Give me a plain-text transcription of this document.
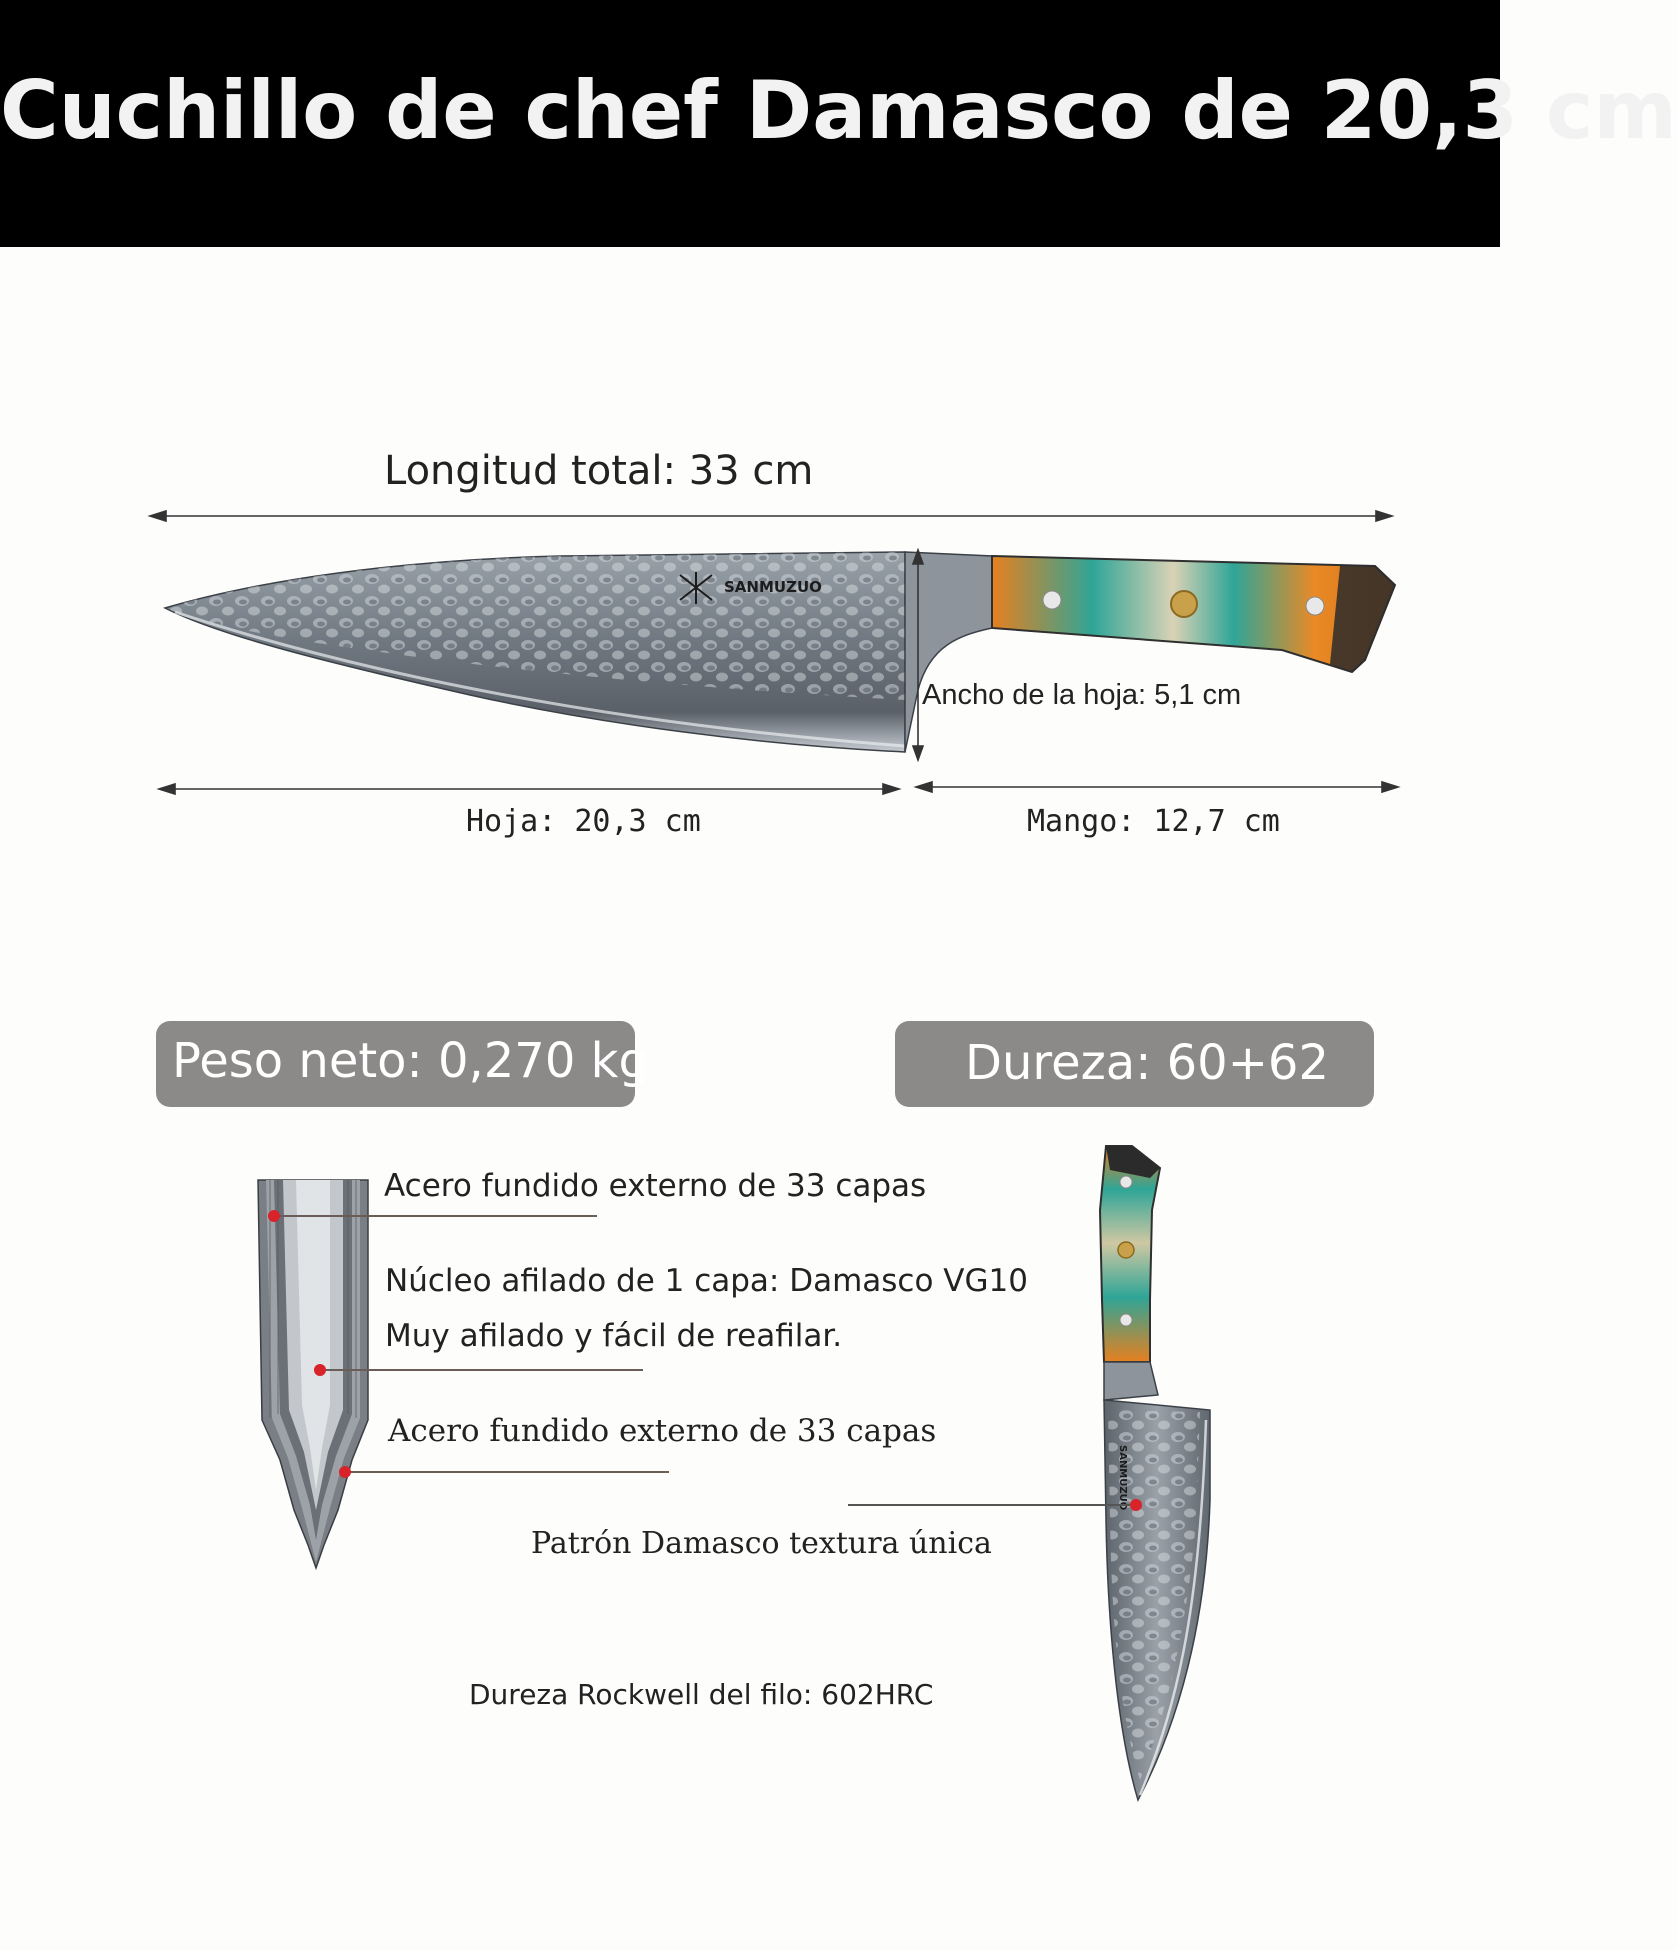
Cuchillo de chef Damasco de 20,3 cm
SANMUZUO
SANMUZUO
Longitud total: 33 cm
Ancho de la hoja: 5,1 cm
Hoja: 20,3 cm	Mango: 12,7 cm
Peso neto: 0,270 kg	Dureza: 60+62
Acero fundido externo de 33 capas
Núcleo afilado de 1 capa: Damasco VG10
Muy afilado y fácil de reafilar.
Acero fundido externo de 33 capas
Patrón Damasco textura única
Dureza Rockwell del filo: 602HRC
